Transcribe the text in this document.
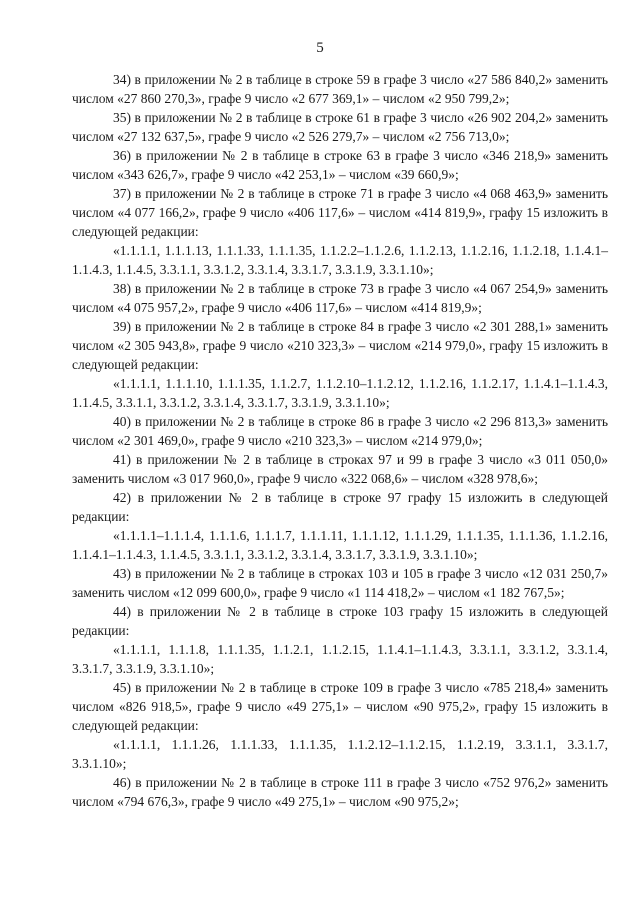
5

34) в приложении № 2 в таблице в строке 59 в графе 3 число «27 586 840,2» заменить числом «27 860 270,3», графе 9 число «2 677 369,1» – числом «2 950 799,2»;

35) в приложении № 2 в таблице в строке 61 в графе 3 число «26 902 204,2» заменить числом «27 132 637,5», графе 9 число «2 526 279,7» – числом «2 756 713,0»;

36) в приложении № 2 в таблице в строке 63 в графе 3 число «346 218,9» заменить числом «343 626,7», графе 9 число «42 253,1» – числом «39 660,9»;

37) в приложении № 2 в таблице в строке 71 в графе 3 число «4 068 463,9» заменить числом «4 077 166,2», графе 9 число «406 117,6» – числом «414 819,9», графу 15 изложить в следующей редакции:

«1.1.1.1, 1.1.1.13, 1.1.1.33, 1.1.1.35, 1.1.2.2–1.1.2.6, 1.1.2.13, 1.1.2.16, 1.1.2.18, 1.1.4.1–1.1.4.3, 1.1.4.5, 3.3.1.1, 3.3.1.2, 3.3.1.4, 3.3.1.7, 3.3.1.9, 3.3.1.10»;

38) в приложении № 2 в таблице в строке 73 в графе 3 число «4 067 254,9» заменить числом «4 075 957,2», графе 9 число «406 117,6» – числом «414 819,9»;

39) в приложении № 2 в таблице в строке 84 в графе 3 число «2 301 288,1» заменить числом «2 305 943,8», графе 9 число «210 323,3» – числом «214 979,0», графу 15 изложить в следующей редакции:

«1.1.1.1, 1.1.1.10, 1.1.1.35, 1.1.2.7, 1.1.2.10–1.1.2.12, 1.1.2.16, 1.1.2.17, 1.1.4.1–1.1.4.3, 1.1.4.5, 3.3.1.1, 3.3.1.2, 3.3.1.4, 3.3.1.7, 3.3.1.9, 3.3.1.10»;

40) в приложении № 2 в таблице в строке 86 в графе 3 число «2 296 813,3» заменить числом «2 301 469,0», графе 9 число «210 323,3» – числом «214 979,0»;

41) в приложении № 2 в таблице в строках 97 и 99 в графе 3 число «3 011 050,0» заменить числом «3 017 960,0», графе 9 число «322 068,6» – числом «328 978,6»;

42) в приложении № 2 в таблице в строке 97 графу 15 изложить в следующей редакции:

«1.1.1.1–1.1.1.4, 1.1.1.6, 1.1.1.7, 1.1.1.11, 1.1.1.12, 1.1.1.29, 1.1.1.35, 1.1.1.36, 1.1.2.16, 1.1.4.1–1.1.4.3, 1.1.4.5, 3.3.1.1, 3.3.1.2, 3.3.1.4, 3.3.1.7, 3.3.1.9, 3.3.1.10»;

43) в приложении № 2 в таблице в строках 103 и 105 в графе 3 число «12 031 250,7» заменить числом «12 099 600,0», графе 9 число «1 114 418,2» – числом «1 182 767,5»;

44) в приложении № 2 в таблице в строке 103 графу 15 изложить в следующей редакции:

«1.1.1.1, 1.1.1.8, 1.1.1.35, 1.1.2.1, 1.1.2.15, 1.1.4.1–1.1.4.3, 3.3.1.1, 3.3.1.2, 3.3.1.4, 3.3.1.7, 3.3.1.9, 3.3.1.10»;

45) в приложении № 2 в таблице в строке 109 в графе 3 число «785 218,4» заменить числом «826 918,5», графе 9 число «49 275,1» – числом «90 975,2», графу 15 изложить в следующей редакции:

«1.1.1.1, 1.1.1.26, 1.1.1.33, 1.1.1.35, 1.1.2.12–1.1.2.15, 1.1.2.19, 3.3.1.1, 3.3.1.7, 3.3.1.10»;

46) в приложении № 2 в таблице в строке 111 в графе 3 число «752 976,2» заменить числом «794 676,3», графе 9 число «49 275,1» – числом «90 975,2»;
